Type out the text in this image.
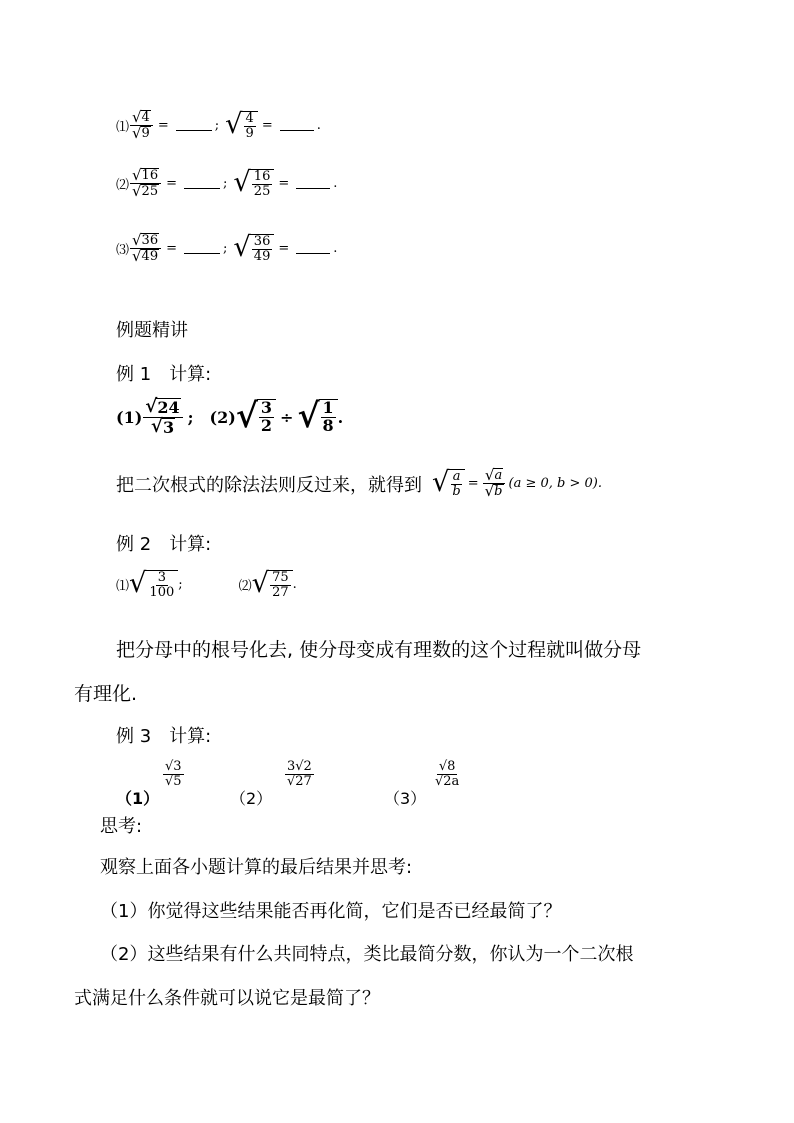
⑴ $\frac{√ 4}{√ 9}$ =	; √ $\frac{4}{9}$ =	.
⑵ $\frac{√ 16}{√ 25}$ =	; √ $\frac{16}{25}$ =	.
⑶ $\frac{√ 36}{√ 49}$ =	; √ $\frac{36}{49}$ =	.
例题精讲
例 1　计算:
$(1) \frac{√ 24}{√ 3}$ ; (2) √ $\frac{3}{2}$ ÷ √ $\frac{1}{8}$ .
把二次根式的除法法则反过来，就得到 √ $\frac{a}{b} = \frac{√ a}{√ b} (a \ge 0$, b > 0).
例 2　计算:
⑴ √ $\frac{3}{100}$ ;	⑵ √ $\frac{75}{27}$ .
把分母中的根号化去, 使分母变成有理数的这个过程就叫做分母
有理化.
例 3　计算:
（1）
$\frac{√3}{√5}$
（2）
$\frac{3√2}{√27}$
（3）
$\frac{√8}{√2a}$
思考:
观察上面各小题计算的最后结果并思考:
（1）你觉得这些结果能否再化简，它们是否已经最简了？
（2）这些结果有什么共同特点，类比最简分数，你认为一个二次根
式满足什么条件就可以说它是最简了？
